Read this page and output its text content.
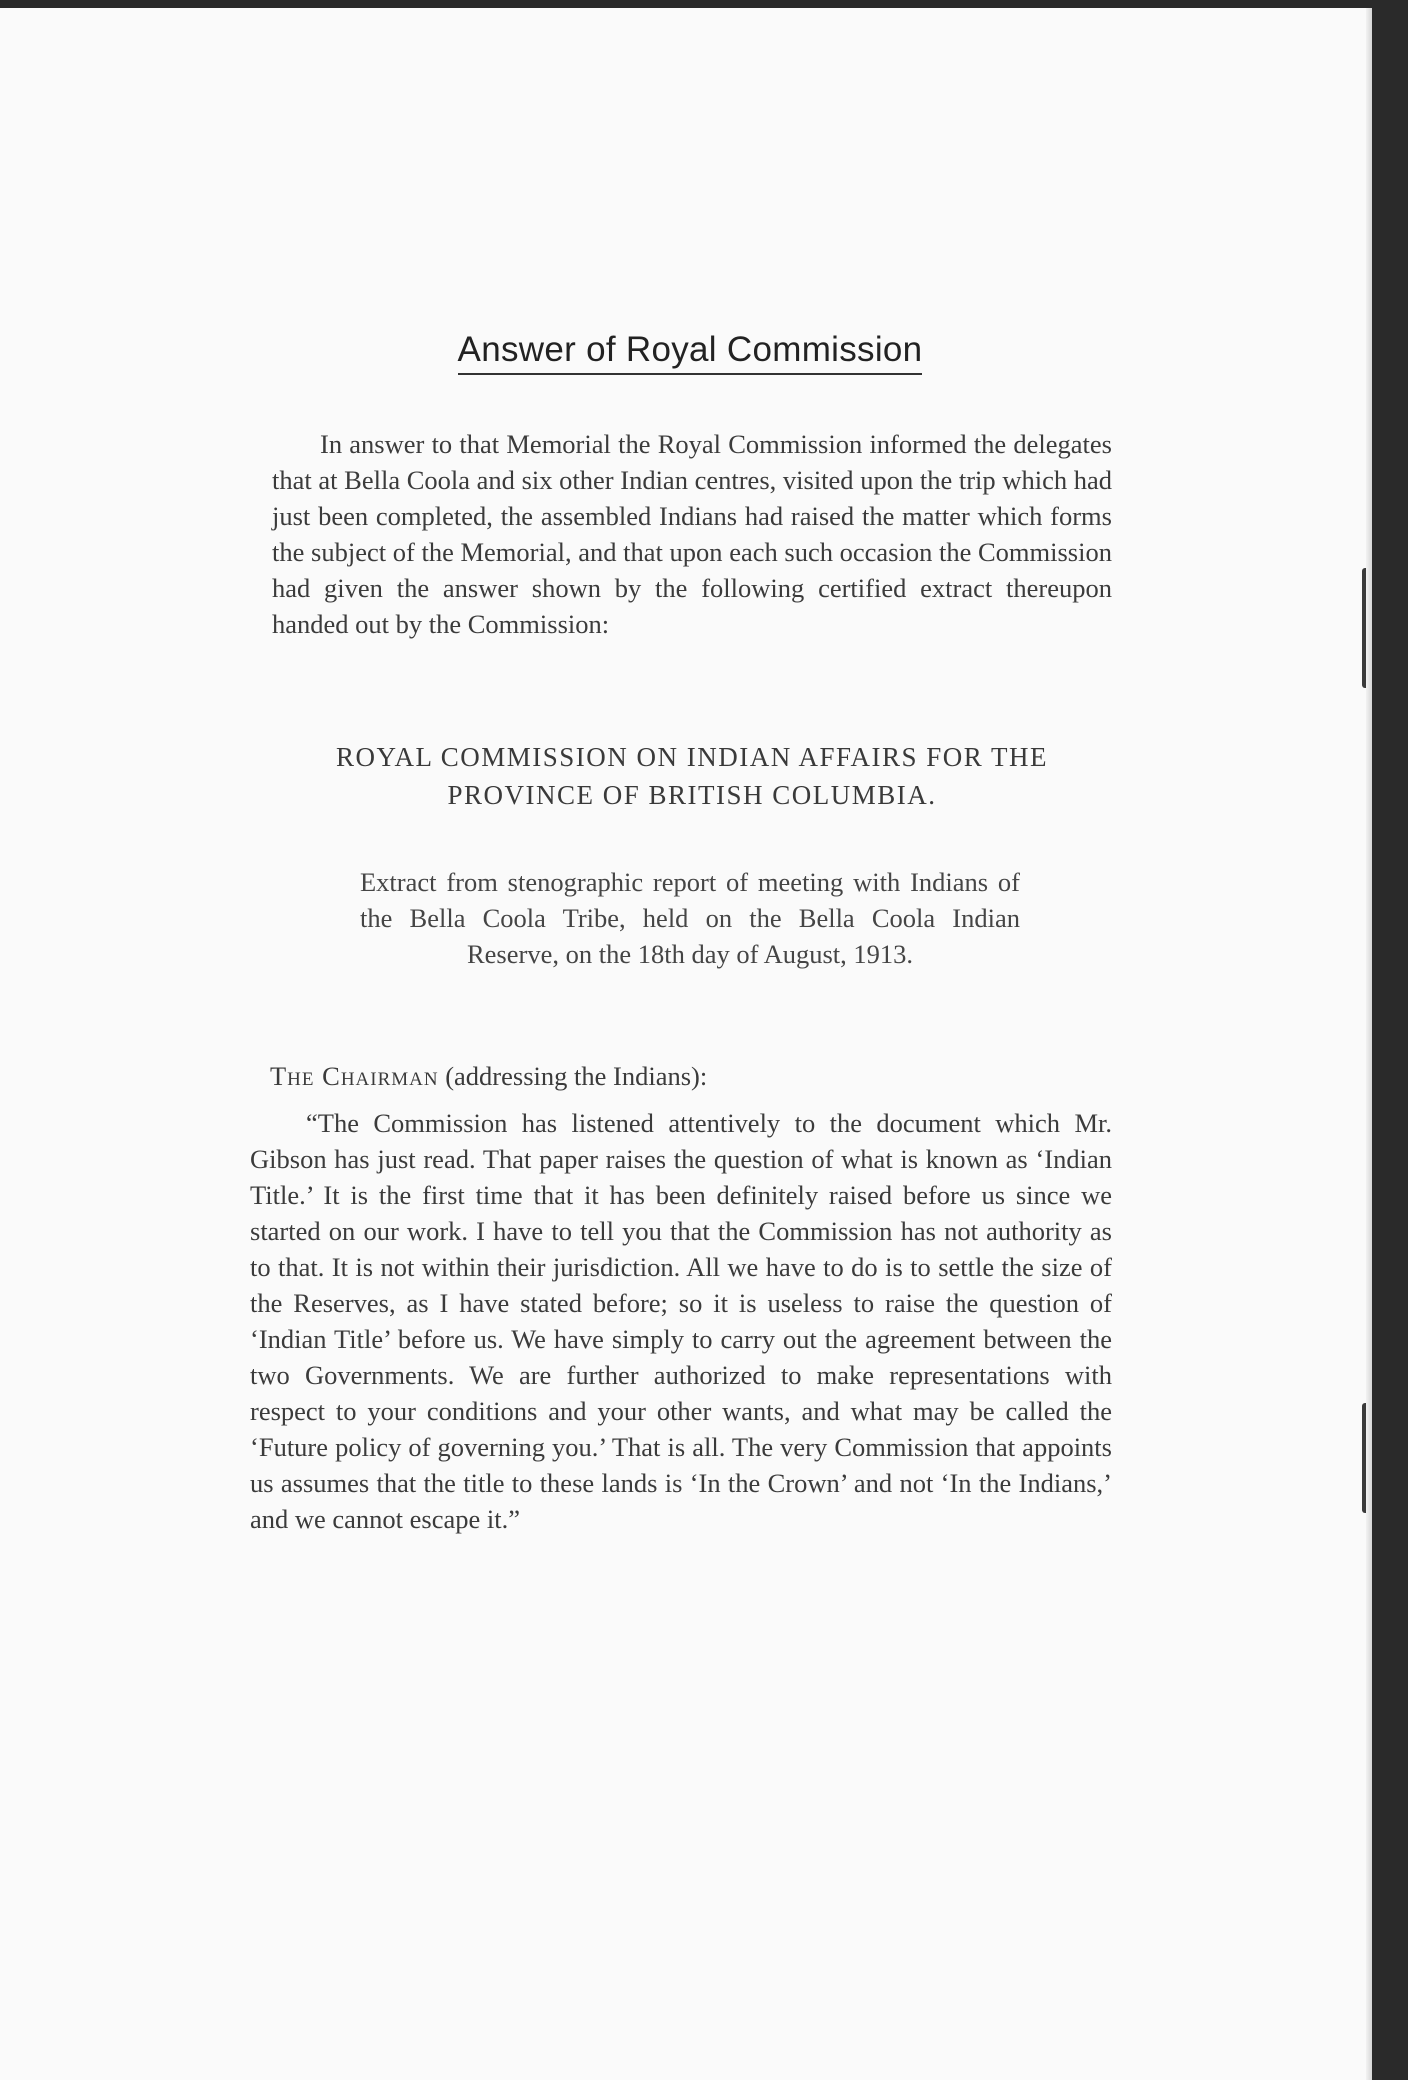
Answer of Royal Commission

In answer to that Memorial the Royal Commission informed the delegates that at Bella Coola and six other Indian centres, visited upon the trip which had just been completed, the assembled Indians had raised the matter which forms the subject of the Memorial, and that upon each such occasion the Commission had given the answer shown by the following certified extract thereupon handed out by the Commission:

ROYAL COMMISSION ON INDIAN AFFAIRS FOR THE PROVINCE OF BRITISH COLUMBIA.
Extract from stenographic report of meeting with Indians of the Bella Coola Tribe, held on the Bella Coola Indian Reserve, on the 18th day of August, 1913.
The Chairman (addressing the Indians):

“The Commission has listened attentively to the document which Mr. Gibson has just read. That paper raises the question of what is known as ‘Indian Title.’ It is the first time that it has been definitely raised before us since we started on our work. I have to tell you that the Commission has not authority as to that. It is not within their jurisdiction. All we have to do is to settle the size of the Reserves, as I have stated before; so it is useless to raise the question of ‘Indian Title’ before us. We have simply to carry out the agreement between the two Governments. We are further authorized to make representations with respect to your conditions and your other wants, and what may be called the ‘Future policy of governing you.’ That is all. The very Commission that appoints us assumes that the title to these lands is ‘In the Crown’ and not ‘In the Indians,’ and we cannot escape it.”
